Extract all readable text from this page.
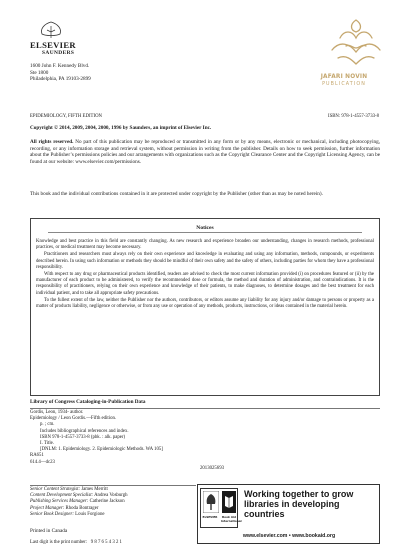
ELSEVIER
SAUNDERS
1600 John F. Kennedy Blvd.
Ste 1800
Philadelphia, PA 19103-2899	JAFARI NOVIN
PUBLICATION
EPIDEMIOLOGY, FIFTH EDITION	ISBN: 978-1-4557-3733-8
Copyright © 2014, 2009, 2004, 2000, 1996 by Saunders, an imprint of Elsevier Inc.
All rights reserved. No part of this publication may be reproduced or transmitted in any form or by any means, electronic or mechanical, including photocopying, recording, or any information storage and retrieval system, without permission in writing from the publisher. Details on how to seek permission, further information about the Publisher’s permissions policies and our arrangements with organizations such as the Copyright Clearance Center and the Copyright Licensing Agency, can be found at our website: www.elsevier.com/permissions.
This book and the individual contributions contained in it are protected under copyright by the Publisher (other than as may be noted herein).
Notices

Knowledge and best practice in this field are constantly changing. As new research and experience broaden our understanding, changes in research methods, professional practices, or medical treatment may become necessary.

Practitioners and researchers must always rely on their own experience and knowledge in evaluating and using any information, methods, compounds, or experiments described herein. In using such information or methods they should be mindful of their own safety and the safety of others, including parties for whom they have a professional responsibility.

With respect to any drug or pharmaceutical products identified, readers are advised to check the most current information provided (i) on procedures featured or (ii) by the manufacturer of each product to be administered, to verify the recommended dose or formula, the method and duration of administration, and contraindications. It is the responsibility of practitioners, relying on their own experience and knowledge of their patients, to make diagnoses, to determine dosages and the best treatment for each individual patient, and to take all appropriate safety precautions.

To the fullest extent of the law, neither the Publisher nor the authors, contributors, or editors assume any liability for any injury and/or damage to persons or property as a matter of products liability, negligence or otherwise, or from any use or operation of any methods, products, instructions, or ideas contained in the material herein.

Library of Congress Cataloging-in-Publication Data
Gordis, Leon, 1934- author.
Epidemiology / Leon Gordis.—Fifth edition.
p. ; cm.
Includes bibliographical references and index.
ISBN 978-1-4557-3733-8 (pbk. : alk. paper)
I. Title.
[DNLM: 1. Epidemiology. 2. Epidemiologic Methods. WA 105]
RA651
614.4—dc23
2013025693
Senior Content Strategist: James Merritt
Content Development Specialist: Andrea Vosburgh
Publishing Services Manager: Catherine Jackson
Project Manager: Rhoda Bontrager
Senior Book Designer: Louis Forgione
Printed in Canada
Last digit is the print number: 9 8 7 6 5 4 3 2 1
ELSEVIER	Book Aid International
Working together to grow libraries in developing countries
www.elsevier.com • www.bookaid.org
